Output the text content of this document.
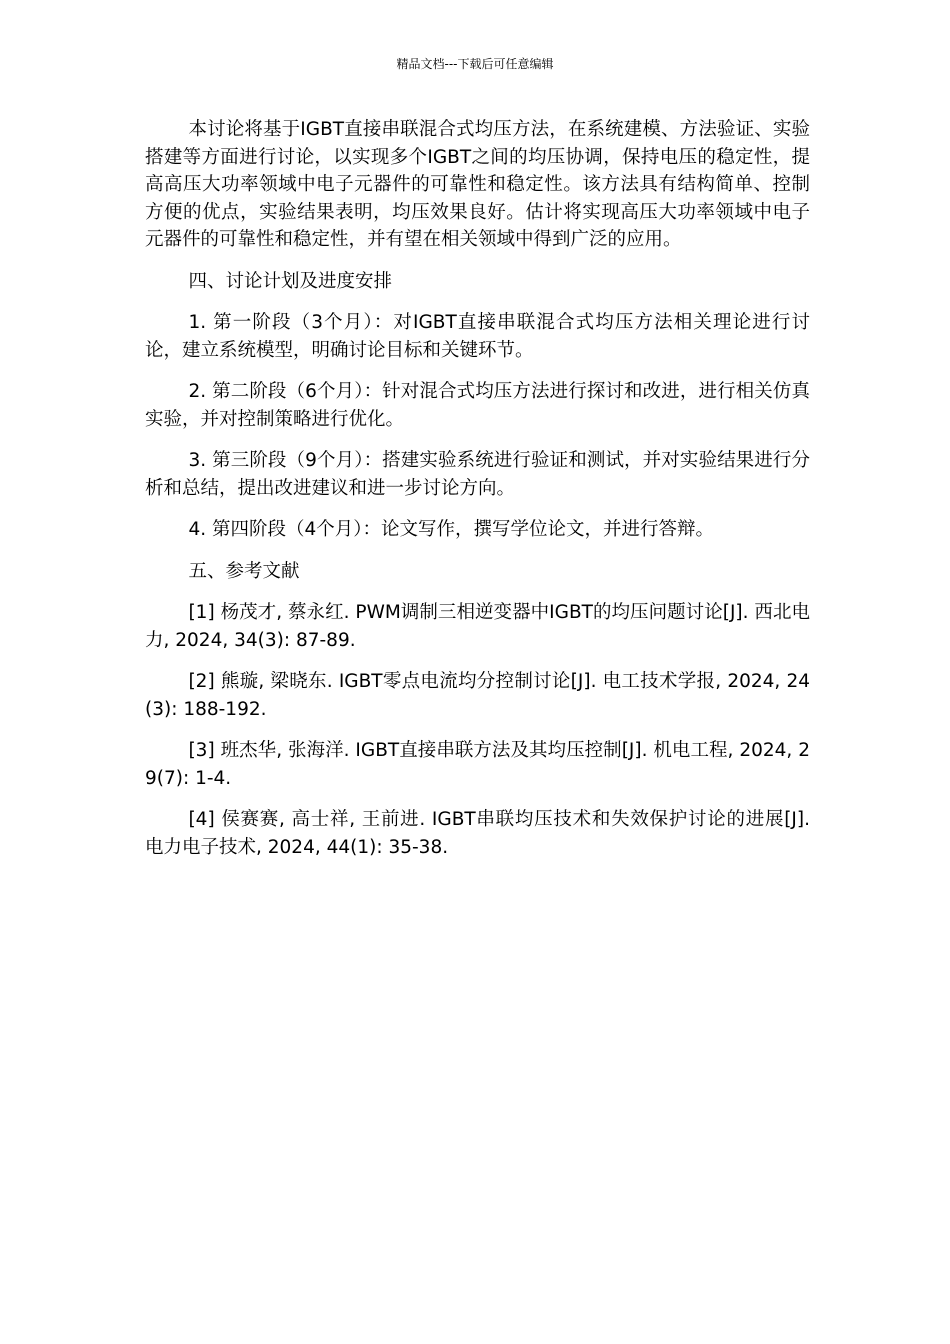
精品文档---下载后可任意编辑

本讨论将基于IGBT直接串联混合式均压方法，在系统建模、方法验证、实验搭建等方面进行讨论，以实现多个IGBT之间的均压协调，保持电压的稳定性，提高高压大功率领域中电子元器件的可靠性和稳定性。该方法具有结构简单、控制方便的优点，实验结果表明，均压效果良好。估计将实现高压大功率领域中电子元器件的可靠性和稳定性，并有望在相关领域中得到广泛的应用。

四、讨论计划及进度安排

1. 第一阶段（3个月）：对IGBT直接串联混合式均压方法相关理论进行讨论，建立系统模型，明确讨论目标和关键环节。

2. 第二阶段（6个月）：针对混合式均压方法进行探讨和改进，进行相关仿真实验，并对控制策略进行优化。

3. 第三阶段（9个月）：搭建实验系统进行验证和测试，并对实验结果进行分析和总结，提出改进建议和进一步讨论方向。

4. 第四阶段（4个月）：论文写作，撰写学位论文，并进行答辩。

五、参考文献

[1] 杨茂才, 蔡永红. PWM调制三相逆变器中IGBT的均压问题讨论[J]. 西北电力, 2024, 34(3): 87-89.

[2] 熊璇, 梁晓东. IGBT零点电流均分控制讨论[J]. 电工技术学报, 2024, 24(3): 188-192.

[3] 班杰华, 张海洋. IGBT直接串联方法及其均压控制[J]. 机电工程, 2024, 29(7): 1-4.

[4] 侯赛赛, 高士祥, 王前进. IGBT串联均压技术和失效保护讨论的进展[J]. 电力电子技术, 2024, 44(1): 35-38.
